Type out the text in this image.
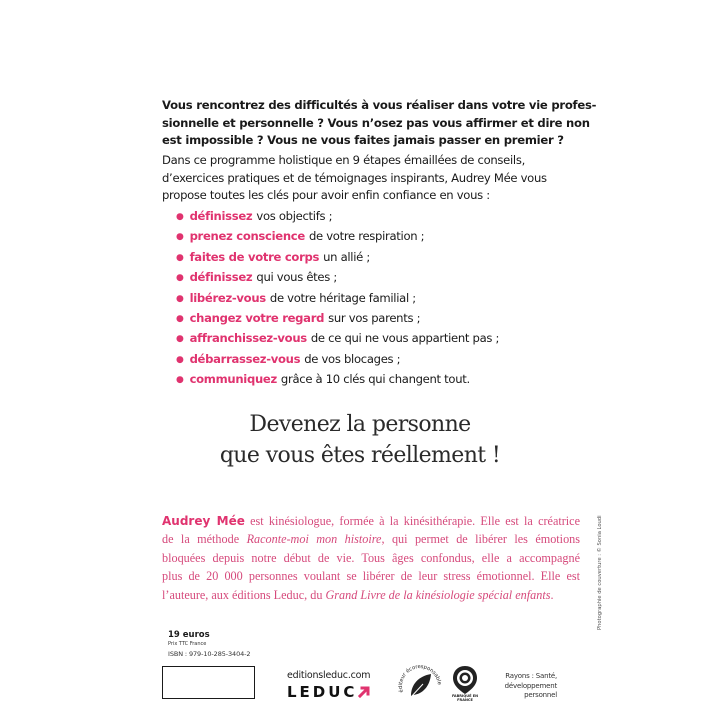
Vous rencontrez des difficultés à vous réaliser dans votre vie profes-
sionnelle et personnelle ? Vous n’osez pas vous affirmer et dire non
est impossible ? Vous ne vous faites jamais passer en premier ?
Dans ce programme holistique en 9 étapes émaillées de conseils,
d’exercices pratiques et de témoignages inspirants, Audrey Mée vous
propose toutes les clés pour avoir enfin confiance en vous :
● définissez vos objectifs ;
● prenez conscience de votre respiration ;
● faites de votre corps un allié ;
● définissez qui vous êtes ;
● libérez-vous de votre héritage familial ;
● changez votre regard sur vos parents ;
● affranchissez-vous de ce qui ne vous appartient pas ;
● débarrassez-vous de vos blocages ;
● communiquez grâce à 10 clés qui changent tout.
Devenez la personne
que vous êtes réellement !
Audrey Mée est kinésiologue, formée à la kinésithérapie. Elle est la créatrice
de la méthode Raconte-moi mon histoire, qui permet de libérer les émotions
bloquées depuis notre début de vie. Tous âges confondus, elle a accompagné
plus de 20 000 personnes voulant se libérer de leur stress émotionnel. Elle est
l’auteure, aux éditions Leduc, du Grand Livre de la kinésiologie spécial enfants.
19 euros
Prix TTC France
ISBN : 979-10-285-3404-2
editionsleduc.com
LEDUC	éditeur écoresponsable
FABRIQUÉ EN FRANCE
Rayons : Santé,
développement
personnel
Photographie de couverture : © Sonia Loudi
